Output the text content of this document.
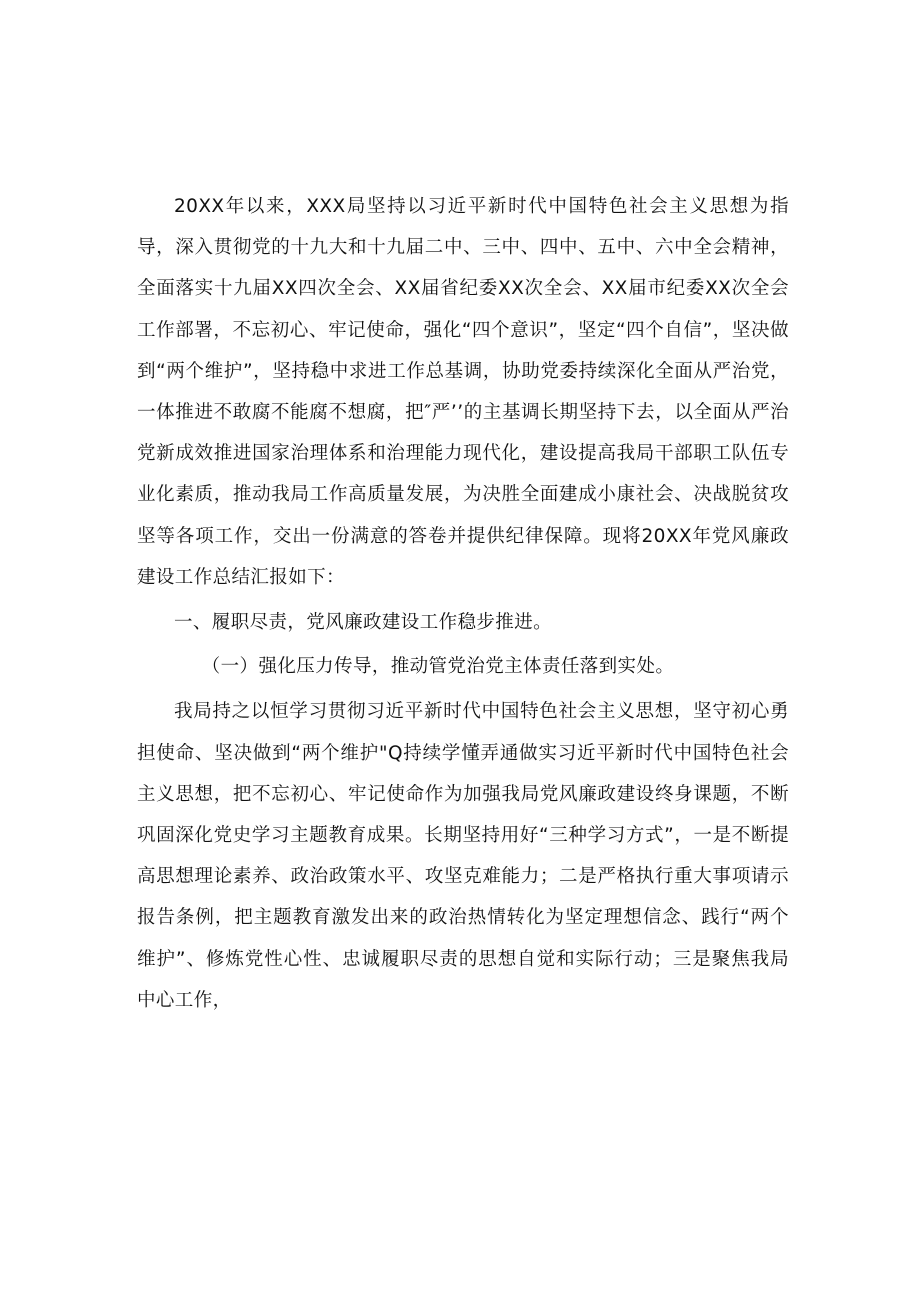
20XX年以来，XXX局坚持以习近平新时代中国特色社会主义思想为指导，深入贯彻党的十九大和十九届二中、三中、四中、五中、六中全会精神，全面落实十九届XX四次全会、XX届省纪委XX次全会、XX届市纪委XX次全会工作部署，不忘初心、牢记使命，强化“四个意识”，坚定“四个自信”，坚决做到“两个维护”，坚持稳中求进工作总基调，协助党委持续深化全面从严治党，一体推进不敢腐不能腐不想腐，把″严’’的主基调长期坚持下去，以全面从严治党新成效推进国家治理体系和治理能力现代化，建设提高我局干部职工队伍专业化素质，推动我局工作高质量发展，为决胜全面建成小康社会、决战脱贫攻坚等各项工作，交出一份满意的答卷并提供纪律保障。现将20XX年党风廉政建设工作总结汇报如下：

一、履职尽责，党风廉政建设工作稳步推进。

（一）强化压力传导，推动管党治党主体责任落到实处。

我局持之以恒学习贯彻习近平新时代中国特色社会主义思想，坚守初心勇担使命、坚决做到“两个维护"Q持续学懂弄通做实习近平新时代中国特色社会主义思想，把不忘初心、牢记使命作为加强我局党风廉政建设终身课题，不断巩固深化党史学习主题教育成果。长期坚持用好“三种学习方式”，一是不断提高思想理论素养、政治政策水平、攻坚克难能力；二是严格执行重大事项请示报告条例，把主题教育激发出来的政治热情转化为坚定理想信念、践行“两个维护”、修炼党性心性、忠诚履职尽责的思想自觉和实际行动；三是聚焦我局中心工作，
